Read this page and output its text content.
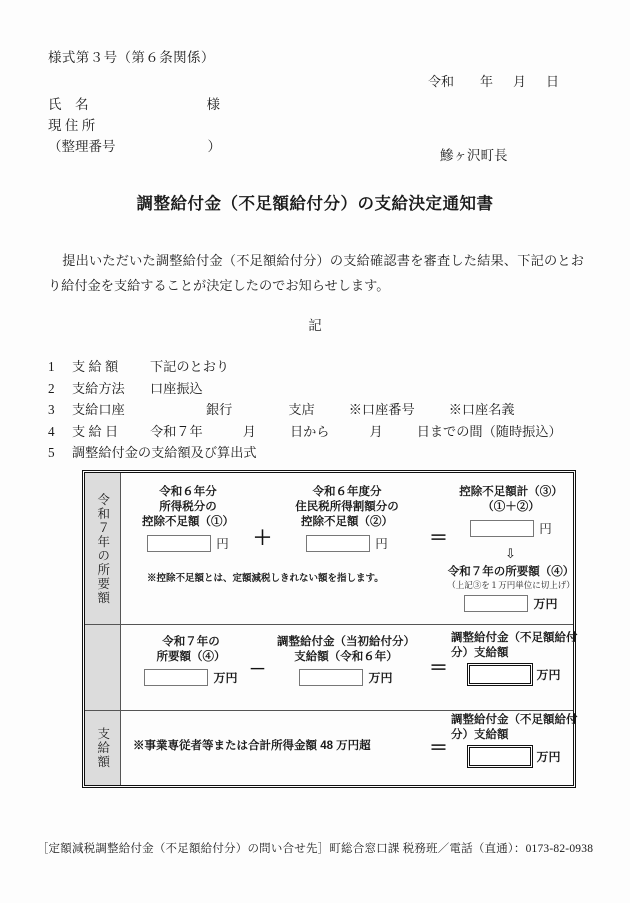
様式第３号（第６条関係）
令和 年 月 日
氏　名	様
現 住 所
（整理番号	）
鰺ヶ沢町長
調整給付金（不足額給付分）の支給決定通知書
提出いただいた調整給付金（不足額給付分）の支給確認書を審査した結果、下記のとおり給付金を支給することが決定したのでお知らせします。
記
1 支 給 額 下記のとおり
2 支給方法 口座振込
3 支給口座	銀行	支店	※口座番号	※口座名義
4 支 給 日 令和７年	月	日から	月	日までの間（随時振込）
5 調整給付金の支給額及び算出式
令和７年の所要額
令和６年分
所得税分の
控除不足額（①）
円 ＋
令和６年度分
住民税所得割額分の
控除不足額（②）
円 ＝
控除不足額計（③）
（①＋②）
円
⇩
令和７年の所要額（④）
（上記③を１万円単位に切上げ）
万円
※控除不足額とは、定額減税しきれない額を指します。
令和７年の
所要額（④）
万円 －
調整給付金（当初給付分）
支給額（令和６年）
万円 ＝
調整給付金（不足額給付
分）支給額
万円
支給額 ※事業専従者等または合計所得金額 48 万円超	＝
調整給付金（不足額給付
分）支給額
万円
［定額減税調整給付金（不足額給付分）の問い合せ先］町総合窓口課 税務班／電話（直通）：0173-82-0938
